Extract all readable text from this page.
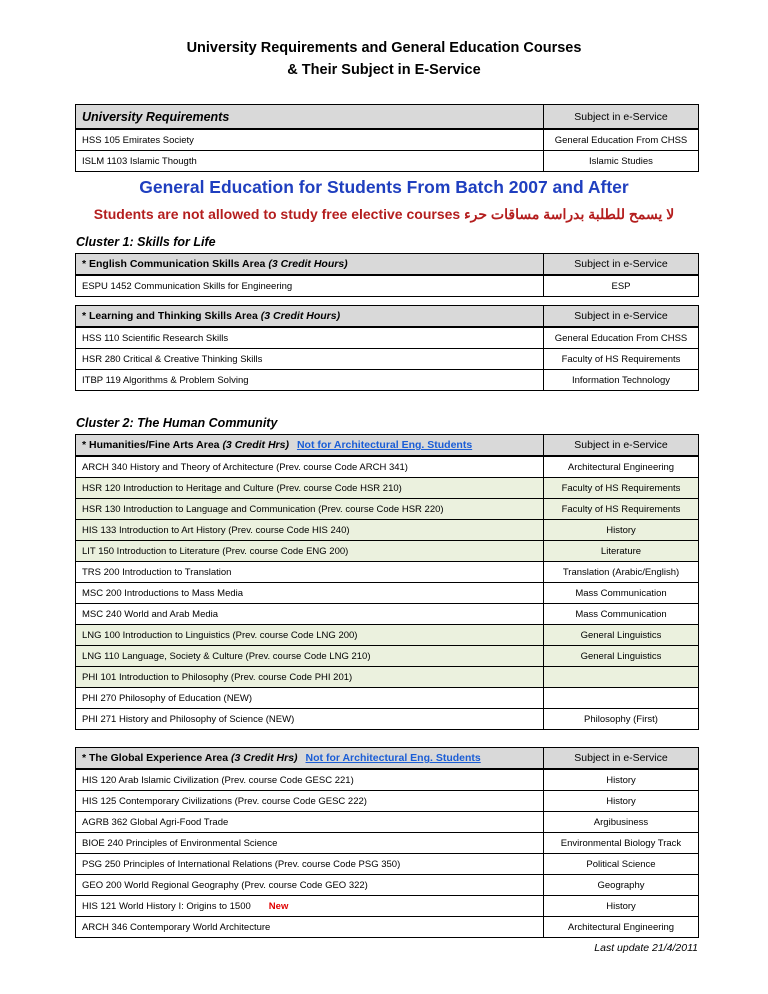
University Requirements and General Education Courses
& Their Subject in E-Service
University Requirements	Subject in e-Service
HSS 105 Emirates Society	General Education From CHSS
ISLM 1103 Islamic Thougth	Islamic Studies
General Education for Students From Batch 2007 and After
Students are not allowed to study free elective courses لا يسمح للطلبة بدراسة مساقات حرء
Cluster 1: Skills for Life
* English Communication Skills Area (3 Credit Hours)	Subject in e-Service
ESPU 1452 Communication Skills for Engineering	ESP
* Learning and Thinking Skills Area (3 Credit Hours)	Subject in e-Service
HSS 110 Scientific Research Skills	General Education From CHSS
HSR 280 Critical & Creative Thinking Skills	Faculty of HS Requirements
ITBP 119 Algorithms & Problem Solving	Information Technology
Cluster 2: The Human Community
* Humanities/Fine Arts Area (3 Credit Hrs) Not for Architectural Eng. Students	Subject in e-Service
ARCH 340 History and Theory of Architecture (Prev. course Code ARCH 341)	Architectural Engineering
HSR 120 Introduction to Heritage and Culture (Prev. course Code HSR 210)	Faculty of HS Requirements
HSR 130 Introduction to Language and Communication (Prev. course Code HSR 220)	Faculty of HS Requirements
HIS 133 Introduction to Art History (Prev. course Code HIS 240)	History
LIT 150 Introduction to Literature (Prev. course Code ENG 200)	Literature
TRS 200 Introduction to Translation	Translation (Arabic/English)
MSC 200 Introductions to Mass Media	Mass Communication
MSC 240 World and Arab Media	Mass Communication
LNG 100 Introduction to Linguistics (Prev. course Code LNG 200)	General Linguistics
LNG 110 Language, Society & Culture (Prev. course Code LNG 210)	General Linguistics
PHI 101 Introduction to Philosophy (Prev. course Code PHI 201)	
PHI 270 Philosophy of Education (NEW)	
PHI 271 History and Philosophy of Science (NEW)	Philosophy (First)
* The Global Experience Area (3 Credit Hrs) Not for Architectural Eng. Students	Subject in e-Service
HIS 120 Arab Islamic Civilization (Prev. course Code GESC 221)	History
HIS 125 Contemporary Civilizations (Prev. course Code GESC 222)	History
AGRB 362 Global Agri-Food Trade	Argibusiness
BIOE 240 Principles of Environmental Science	Environmental Biology Track
PSG 250 Principles of International Relations (Prev. course Code PSG 350)	Political Science
GEO 200 World Regional Geography (Prev. course Code GEO 322)	Geography
HIS 121 World History I: Origins to 1500 New	History
ARCH 346 Contemporary World Architecture	Architectural Engineering
Last update 21/4/2011
